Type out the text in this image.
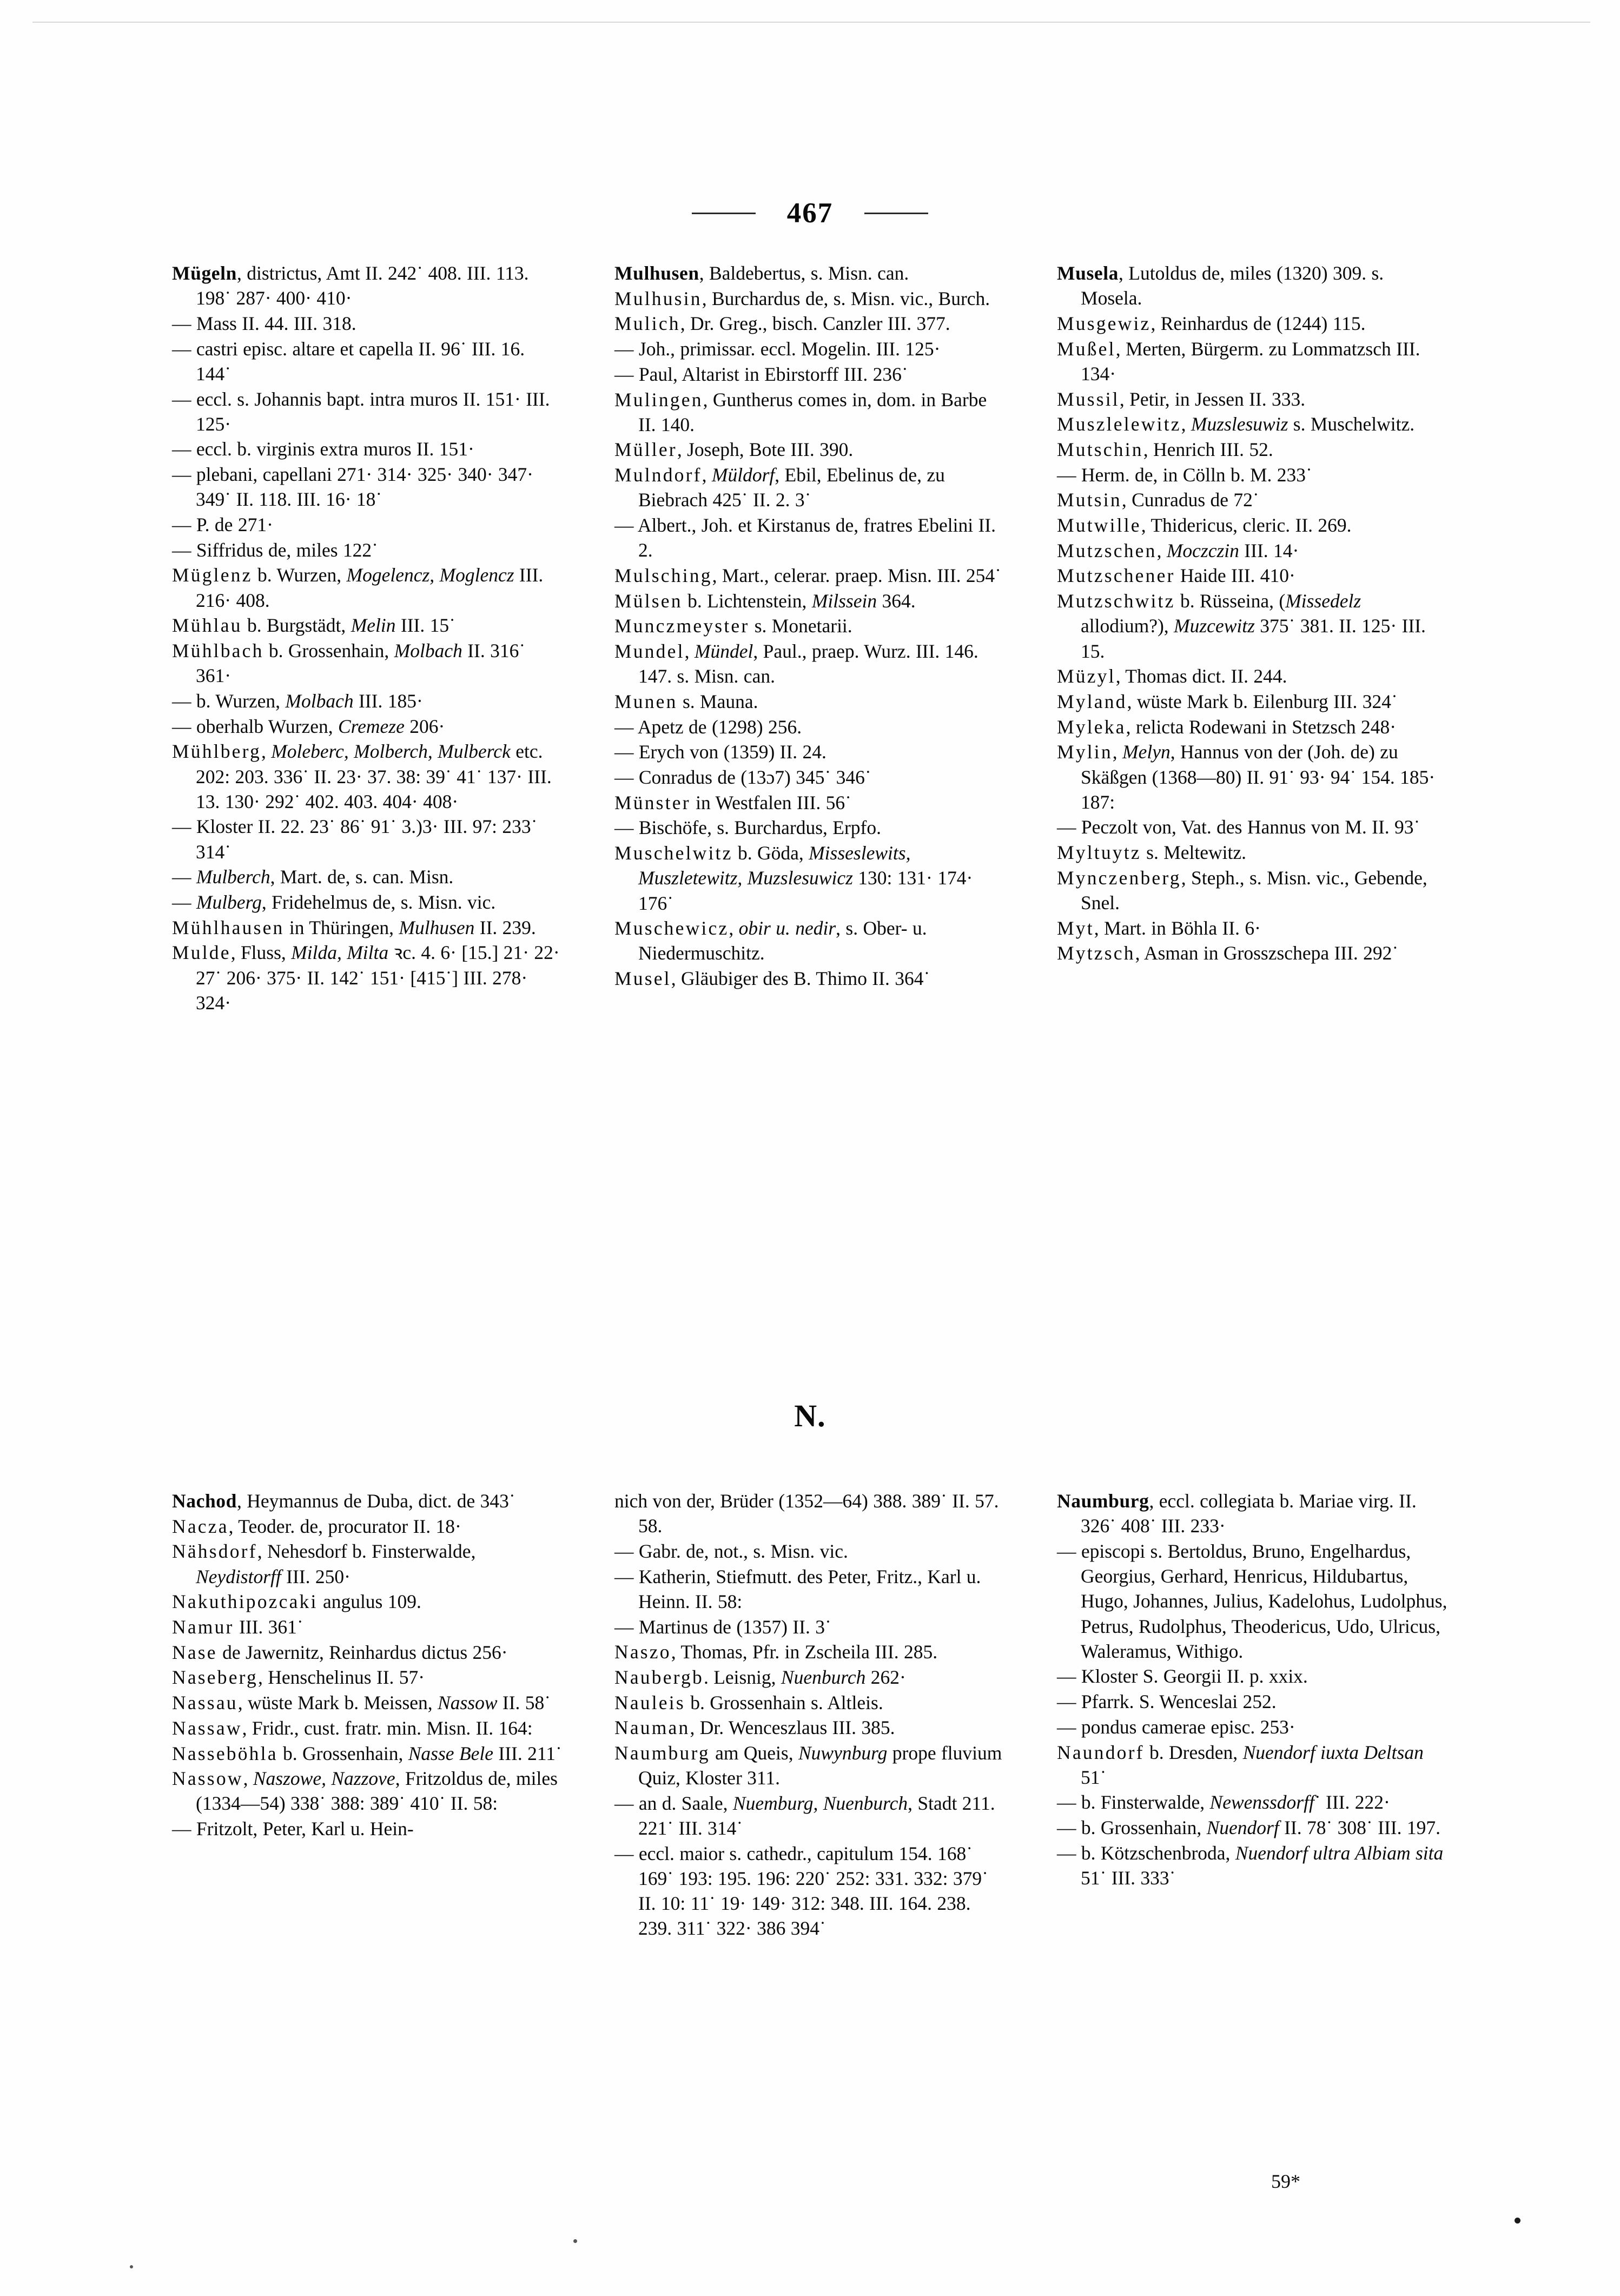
467

Mügeln, districtus, Amt II. 242˙ 408. III. 113. 198˙ 287· 400· 410·

— Mass II. 44. III. 318.

— castri episc. altare et capella II. 96˙ III. 16. 144˙

— eccl. s. Johannis bapt. intra muros II. 151· III. 125·

— eccl. b. virginis extra muros II. 151·

— plebani, capellani 271· 314· 325· 340· 347· 349˙ II. 118. III. 16· 18˙

— P. de 271·

— Siffridus de, miles 122˙

Müglenz b. Wurzen, Mogelencz, Moglencz III. 216· 408.

Mühlau b. Burgstädt, Melin III. 15˙

Mühlbach b. Grossenhain, Molbach II. 316˙ 361·

— b. Wurzen, Molbach III. 185·

— oberhalb Wurzen, Cremeze 206·

Mühlberg, Moleberc, Molberch, Mulberck etc. 202: 203. 336˙ II. 23· 37. 38: 39˙ 41˙ 137· III. 13. 130· 292˙ 402. 403. 404· 408·

— Kloster II. 22. 23˙ 86˙ 91˙ 3.)3· III. 97: 233˙ 314˙

— Mulberch, Mart. de, s. can. Misn.

— Mulberg, Fridehelmus de, s. Misn. vic.

Mühlhausen in Thüringen, Mulhusen II. 239.

Mulde, Fluss, Milda, Milta ꝛc. 4. 6· [15.] 21· 22· 27˙ 206· 375· II. 142˙ 151· [415˙] III. 278· 324·

Mulhusen, Baldebertus, s. Misn. can.

Mulhusin, Burchardus de, s. Misn. vic., Burch.

Mulich, Dr. Greg., bisch. Canzler III. 377.

— Joh., primissar. eccl. Mogelin. III. 125·

— Paul, Altarist in Ebirstorff III. 236˙

Mulingen, Guntherus comes in, dom. in Barbe II. 140.

Müller, Joseph, Bote III. 390.

Mulndorf, Müldorf, Ebil, Ebelinus de, zu Biebrach 425˙ II. 2. 3˙

— Albert., Joh. et Kirstanus de, fratres Ebelini II. 2.

Mulsching, Mart., celerar. praep. Misn. III. 254˙

Mülsen b. Lichtenstein, Milssein 364.

Munczmeyster s. Monetarii.

Mundel, Mündel, Paul., praep. Wurz. III. 146. 147. s. Misn. can.

Munen s. Mauna.

— Apetz de (1298) 256.

— Erych von (1359) II. 24.

— Conradus de (13ɔ7) 345˙ 346˙

Münster in Westfalen III. 56˙

— Bischöfe, s. Burchardus, Erpfo.

Muschelwitz b. Göda, Misseslewits, Muszletewitz, Muzslesuwicz 130: 131· 174· 176˙

Muschewicz, obir u. nedir, s. Ober- u. Niedermuschitz.

Musel, Gläubiger des B. Thimo II. 364˙

Musela, Lutoldus de, miles (1320) 309. s. Mosela.

Musgewiz, Reinhardus de (1244) 115.

Mußel, Merten, Bürgerm. zu Lommatzsch III. 134·

Mussil, Petir, in Jessen II. 333.

Muszlelewitz, Muzslesuwiz s. Muschelwitz.

Mutschin, Henrich III. 52.

— Herm. de, in Cölln b. M. 233˙

Mutsin, Cunradus de 72˙

Mutwille, Thidericus, cleric. II. 269.

Mutzschen, Moczczin III. 14·

Mutzschener Haide III. 410·

Mutzschwitz b. Rüsseina, (Missedelz allodium?), Muzcewitz 375˙ 381. II. 125· III. 15.

Müzyl, Thomas dict. II. 244.

Myland, wüste Mark b. Eilenburg III. 324˙

Myleka, relicta Rodewani in Stetzsch 248·

Mylin, Melyn, Hannus von der (Joh. de) zu Skäßgen (1368—80) II. 91˙ 93· 94˙ 154. 185· 187:

— Peczolt von, Vat. des Hannus von M. II. 93˙

Myltuytz s. Meltewitz.

Mynczenberg, Steph., s. Misn. vic., Gebende, Snel.

Myt, Mart. in Böhla II. 6·

Mytzsch, Asman in Grosszschepa III. 292˙

N.

Nachod, Heymannus de Duba, dict. de 343˙

Nacza, Teoder. de, procurator II. 18·

Nähsdorf, Nehesdorf b. Finsterwalde, Neydistorff III. 250·

Nakuthipozcaki angulus 109.

Namur III. 361˙

Nase de Jawernitz, Reinhardus dictus 256·

Naseberg, Henschelinus II. 57·

Nassau, wüste Mark b. Meissen, Nassow II. 58˙

Nassaw, Fridr., cust. fratr. min. Misn. II. 164:

Nasseböhla b. Grossenhain, Nasse Bele III. 211˙

Nassow, Naszowe, Nazzove, Fritzoldus de, miles (1334—54) 338˙ 388: 389˙ 410˙ II. 58:

— Fritzolt, Peter, Karl u. Hein-

nich von der, Brüder (1352—64) 388. 389˙ II. 57. 58.

— Gabr. de, not., s. Misn. vic.

— Katherin, Stiefmutt. des Peter, Fritz., Karl u. Heinn. II. 58:

— Martinus de (1357) II. 3˙

Naszo, Thomas, Pfr. in Zscheila III. 285.

Naubergb. Leisnig, Nuenburch 262·

Nauleis b. Grossenhain s. Altleis.

Nauman, Dr. Wenceszlaus III. 385.

Naumburg am Queis, Nuwynburg prope fluvium Quiz, Kloster 311.

— an d. Saale, Nuemburg, Nuenburch, Stadt 211. 221˙ III. 314˙

— eccl. maior s. cathedr., capitulum 154. 168˙ 169˙ 193: 195. 196: 220˙ 252: 331. 332: 379˙ II. 10: 11˙ 19· 149· 312: 348. III. 164. 238. 239. 311˙ 322· 386 394˙

Naumburg, eccl. collegiata b. Mariae virg. II. 326˙ 408˙ III. 233·

— episcopi s. Bertoldus, Bruno, Engelhardus, Georgius, Gerhard, Henricus, Hildubartus, Hugo, Johannes, Julius, Kadelohus, Ludolphus, Petrus, Rudolphus, Theodericus, Udo, Ulricus, Waleramus, Withigo.

— Kloster S. Georgii II. p. xxix.

— Pfarrk. S. Wenceslai 252.

— pondus camerae episc. 253·

Naundorf b. Dresden, Nuendorf iuxta Deltsan 51˙

— b. Finsterwalde, Newenssdorff˙ III. 222·

— b. Grossenhain, Nuendorf II. 78˙ 308˙ III. 197.

— b. Kötzschenbroda, Nuendorf ultra Albiam sita 51˙ III. 333˙

59*
